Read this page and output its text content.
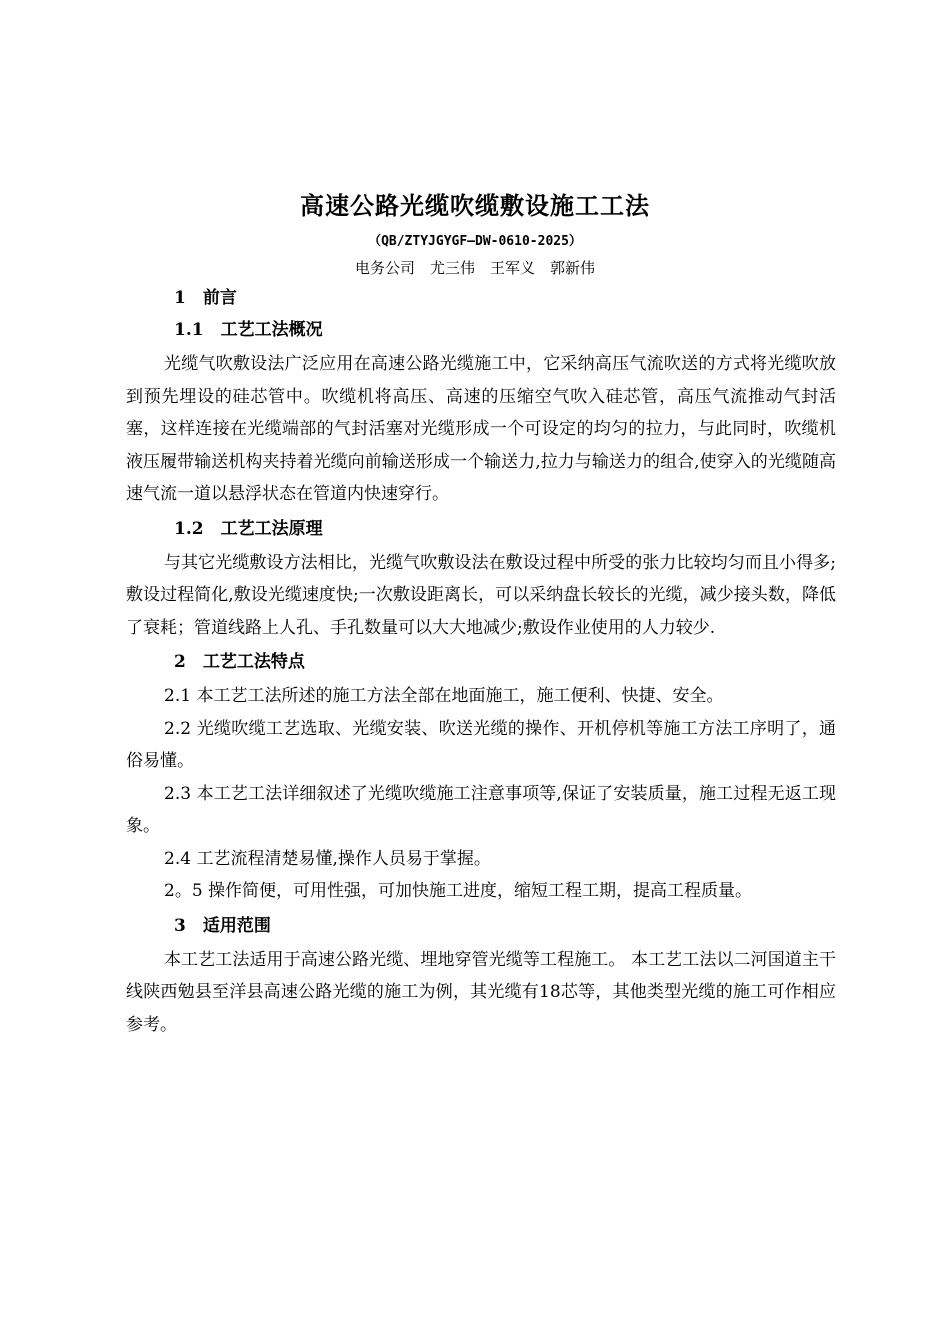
高速公路光缆吹缆敷设施工工法
（QB/ZTYJGYGF—DW-0610-2025）
电务公司　尤三伟　王军义　郭新伟
1　前言
1.1　工艺工法概况

光缆气吹敷设法广泛应用在高速公路光缆施工中，它采纳高压气流吹送的方式将光缆吹放到预先埋设的硅芯管中。吹缆机将高压、高速的压缩空气吹入硅芯管，高压气流推动气封活塞，这样连接在光缆端部的气封活塞对光缆形成一个可设定的均匀的拉力，与此同时，吹缆机液压履带输送机构夹持着光缆向前输送形成一个输送力,拉力与输送力的组合,使穿入的光缆随高速气流一道以悬浮状态在管道内快速穿行。

1.2　工艺工法原理

与其它光缆敷设方法相比，光缆气吹敷设法在敷设过程中所受的张力比较均匀而且小得多;敷设过程简化,敷设光缆速度快;一次敷设距离长，可以采纳盘长较长的光缆，减少接头数，降低了衰耗；管道线路上人孔、手孔数量可以大大地减少;敷设作业使用的人力较少.

2　工艺工法特点

2.1 本工艺工法所述的施工方法全部在地面施工，施工便利、快捷、安全。

2.2 光缆吹缆工艺选取、光缆安装、吹送光缆的操作、开机停机等施工方法工序明了，通俗易懂。

2.3 本工艺工法详细叙述了光缆吹缆施工注意事项等,保证了安装质量，施工过程无返工现象。

2.4 工艺流程清楚易懂,操作人员易于掌握。

2。5 操作简便，可用性强，可加快施工进度，缩短工程工期，提高工程质量。

3　适用范围

本工艺工法适用于高速公路光缆、埋地穿管光缆等工程施工。 本工艺工法以二河国道主干线陕西勉县至洋县高速公路光缆的施工为例，其光缆有18芯等，其他类型光缆的施工可作相应参考。
